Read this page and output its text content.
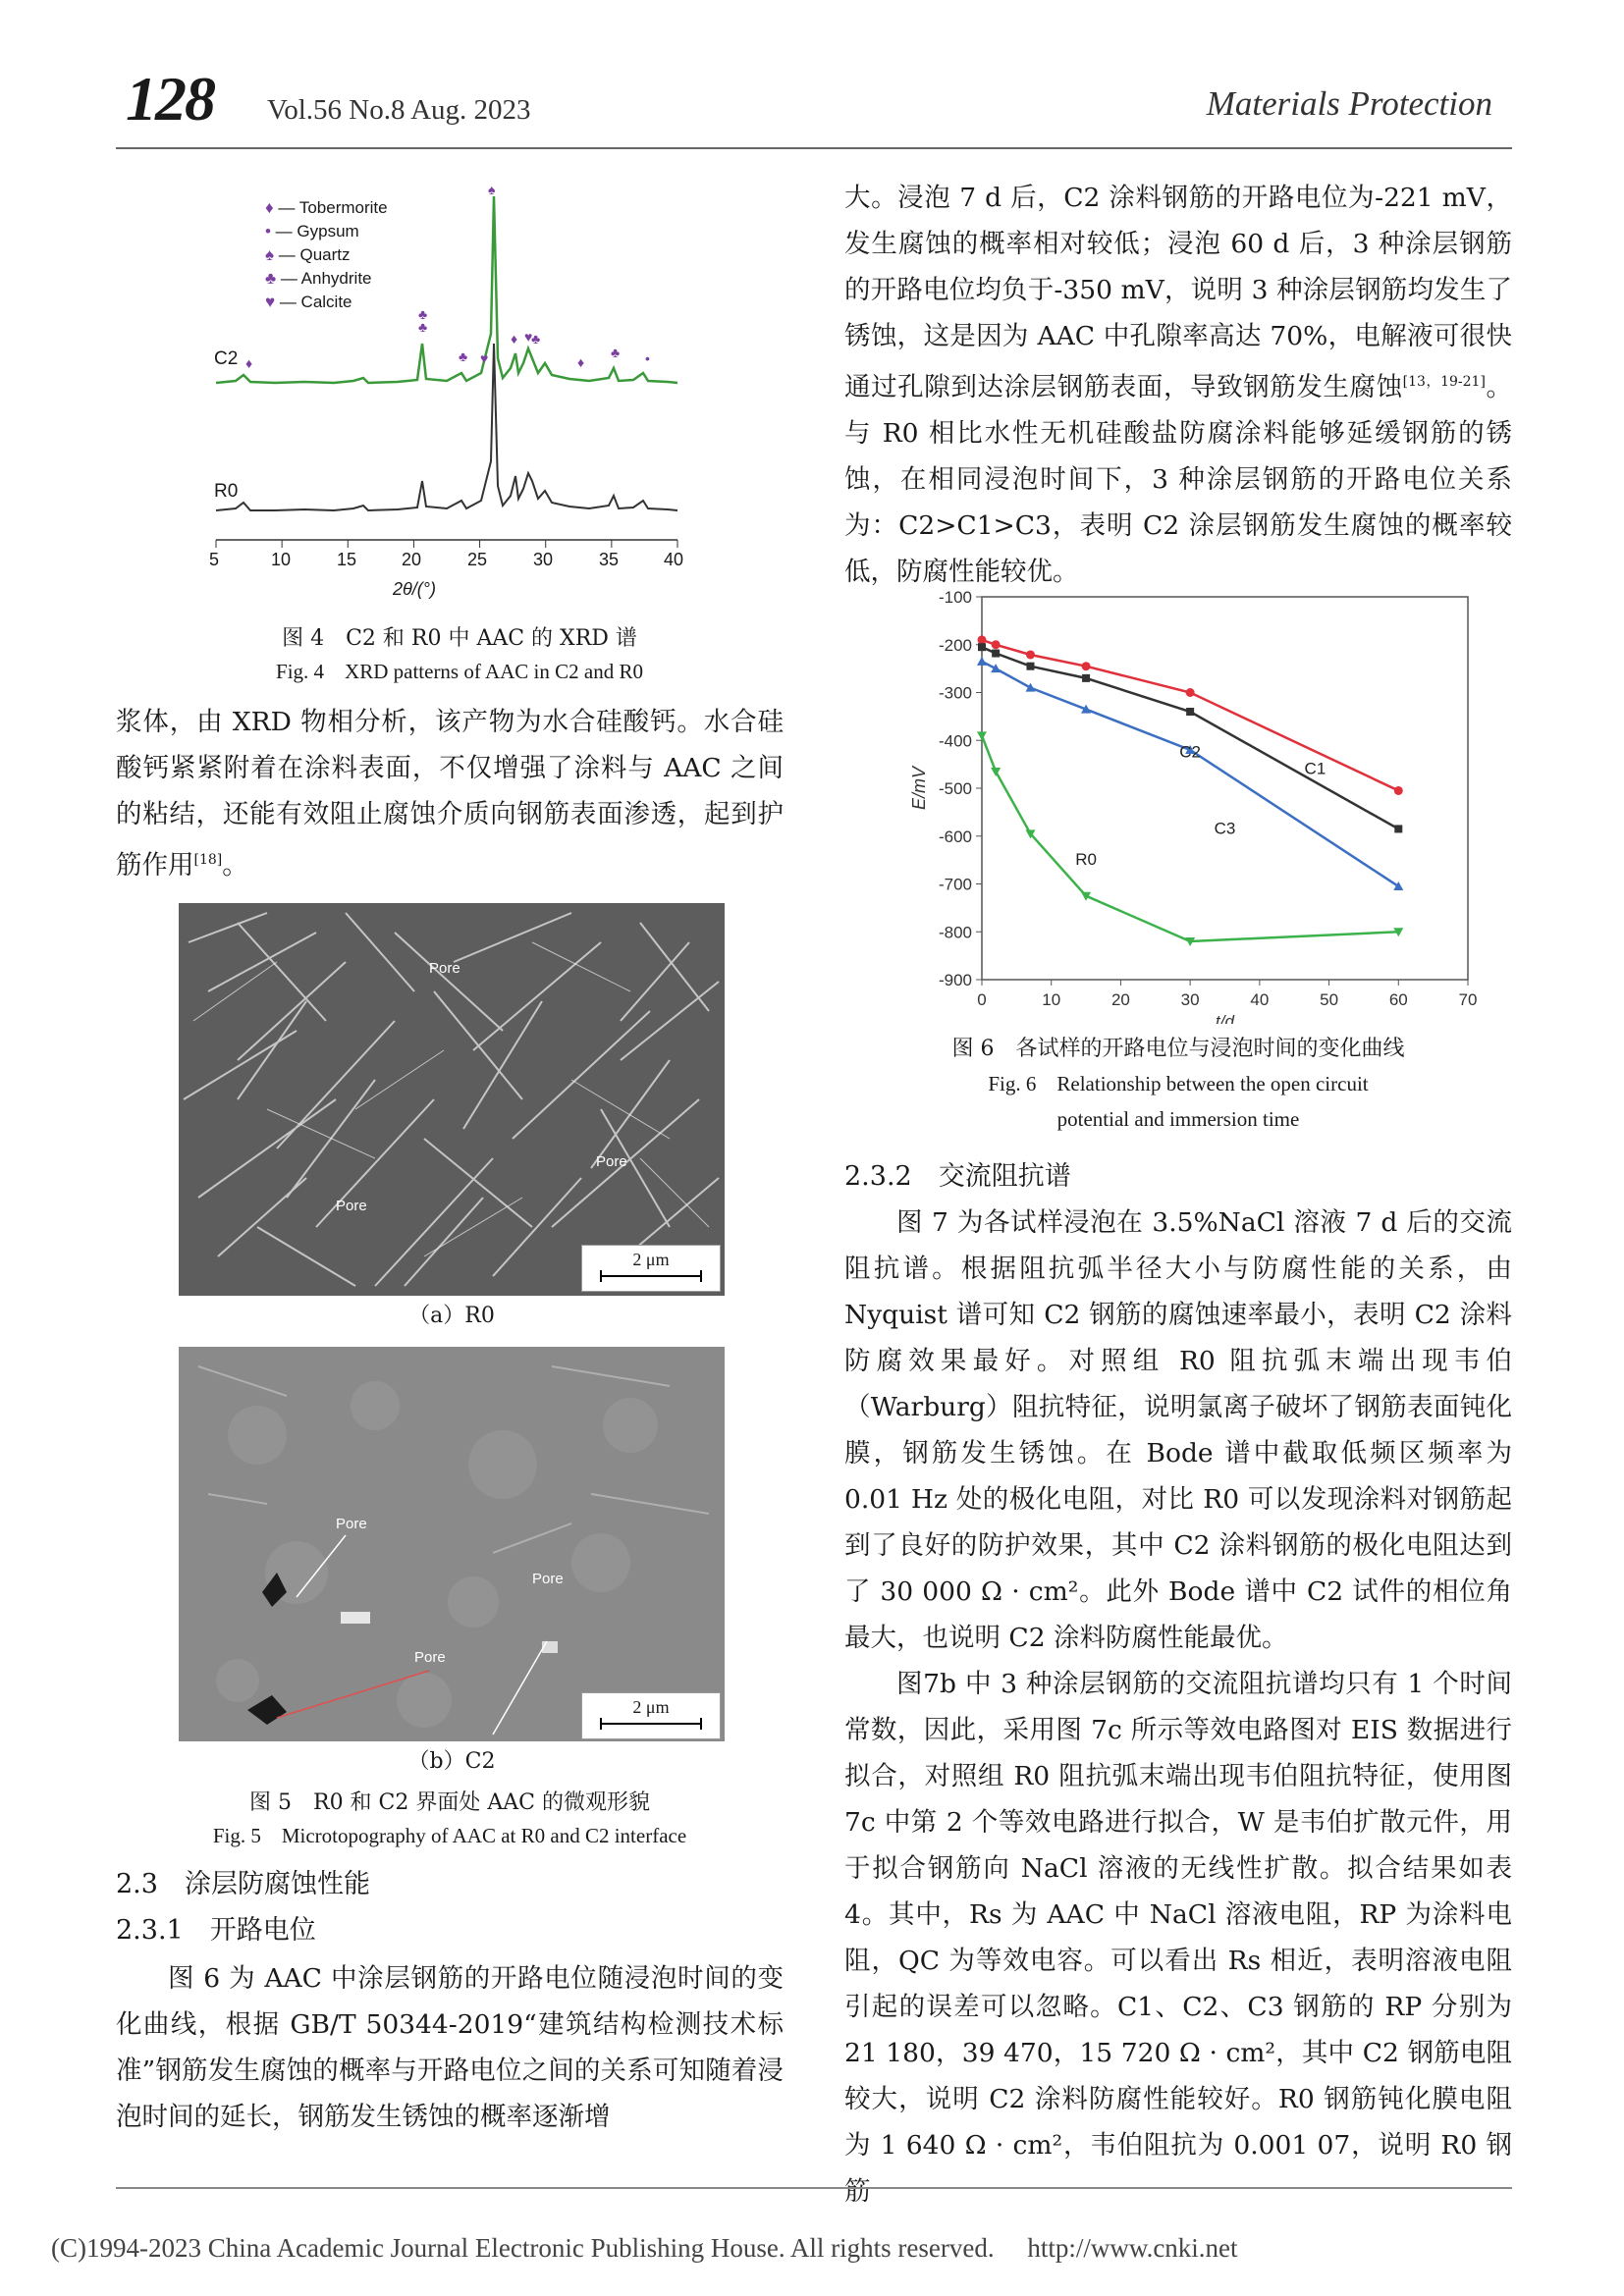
128 Vol.56 No.8 Aug. 2023	Materials Protection
♦
♣
♣
♠
♣ ♥
♦ ♥
♣
♦
♣ •
♦ — Tobermorite
• — Gypsum
♠ — Quartz
♣ — Anhydrite
♥ — Calcite
C2
R0
5	10	15	20	25	30	35	40
2θ/(°)
图 4　C2 和 R0 中 AAC 的 XRD 谱
Fig. 4　XRD patterns of AAC in C2 and R0

浆体，由 XRD 物相分析，该产物为水合硅酸钙。水合硅酸钙紧紧附着在涂料表面，不仅增强了涂料与 AAC 之间的粘结，还能有效阻止腐蚀介质向钢筋表面渗透，起到护筋作用[18]。

Pore
Pore
Pore
2 μm
（a）R0
Pore
Pore
Pore
2 μm
（b）C2
图 5　R0 和 C2 界面处 AAC 的微观形貌
Fig. 5　Microtopography of AAC at R0 and C2 interface
2.3　涂层防腐蚀性能
2.3.1　开路电位

图 6 为 AAC 中涂层钢筋的开路电位随浸泡时间的变化曲线，根据 GB/T 50344-2019“建筑结构检测技术标准”钢筋发生腐蚀的概率与开路电位之间的关系可知随着浸泡时间的延长，钢筋发生锈蚀的概率逐渐增

大。浸泡 7 d 后，C2 涂料钢筋的开路电位为-221 mV，发生腐蚀的概率相对较低；浸泡 60 d 后，3 种涂层钢筋的开路电位均负于-350 mV，说明 3 种涂层钢筋均发生了锈蚀，这是因为 AAC 中孔隙率高达 70%，电解液可很快通过孔隙到达涂层钢筋表面，导致钢筋发生腐蚀[13，19-21]。与 R0 相比水性无机硅酸盐防腐涂料能够延缓钢筋的锈蚀，在相同浸泡时间下，3 种涂层钢筋的开路电位关系为：C2>C1>C3，表明 C2 涂层钢筋发生腐蚀的概率较低，防腐性能较优。

-100
-200
-300
-400
-500
-600
-700
-800
-900
0	10	20	30	40	50	60	70
t/d
E/mV
C2
C1
C3
R0
图 6　各试样的开路电位与浸泡时间的变化曲线
Fig. 6　Relationship between the open circuit
potential and immersion time
2.3.2　交流阻抗谱

图 7 为各试样浸泡在 3.5%NaCl 溶液 7 d 后的交流阻抗谱。根据阻抗弧半径大小与防腐性能的关系，由 Nyquist 谱可知 C2 钢筋的腐蚀速率最小，表明 C2 涂料防腐效果最好。对照组 R0 阻抗弧末端出现韦伯（Warburg）阻抗特征，说明氯离子破坏了钢筋表面钝化膜，钢筋发生锈蚀。在 Bode 谱中截取低频区频率为 0.01 Hz 处的极化电阻，对比 R0 可以发现涂料对钢筋起到了良好的防护效果，其中 C2 涂料钢筋的极化电阻达到了 30 000 Ω · cm²。此外 Bode 谱中 C2 试件的相位角最大，也说明 C2 涂料防腐性能最优。

图7b 中 3 种涂层钢筋的交流阻抗谱均只有 1 个时间常数，因此，采用图 7c 所示等效电路图对 EIS 数据进行拟合，对照组 R0 阻抗弧末端出现韦伯阻抗特征，使用图 7c 中第 2 个等效电路进行拟合，W 是韦伯扩散元件，用于拟合钢筋向 NaCl 溶液的无线性扩散。拟合结果如表 4。其中，Rs 为 AAC 中 NaCl 溶液电阻，RP 为涂料电阻，QC 为等效电容。可以看出 Rs 相近，表明溶液电阻引起的误差可以忽略。C1、C2、C3 钢筋的 RP 分别为 21 180，39 470，15 720 Ω · cm²，其中 C2 钢筋电阻较大，说明 C2 涂料防腐性能较好。R0 钢筋钝化膜电阻为 1 640 Ω · cm²，韦伯阻抗为 0.001 07，说明 R0 钢筋

(C)1994-2023 China Academic Journal Electronic Publishing House. All rights reserved.　 http://www.cnki.net
